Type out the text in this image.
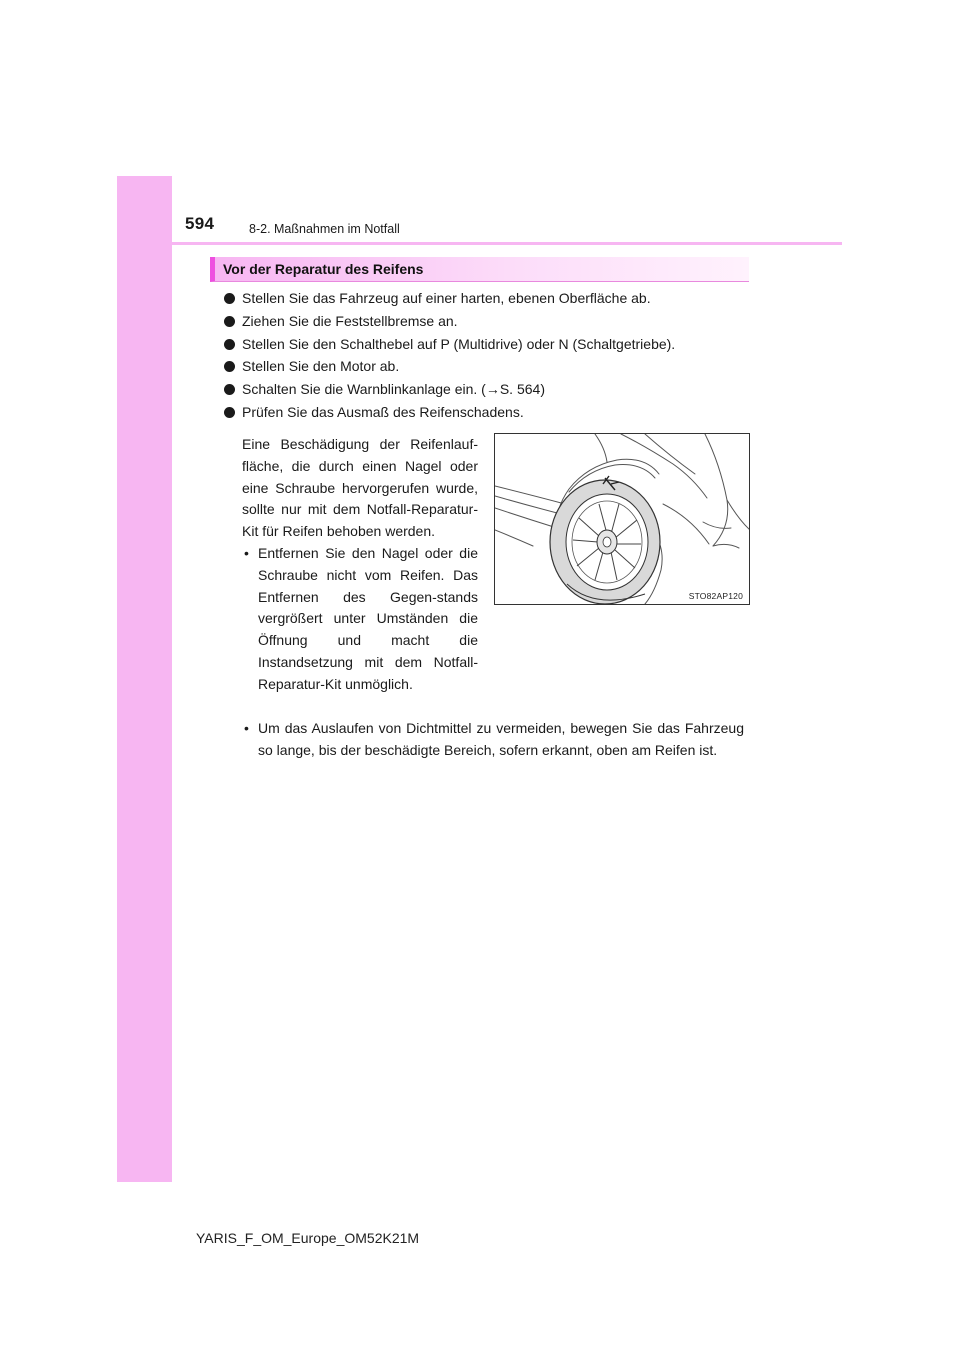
594	8-2. Maßnahmen im Notfall
Vor der Reparatur des Reifens
Stellen Sie das Fahrzeug auf einer harten, ebenen Oberfläche ab.
Ziehen Sie die Feststellbremse an.
Stellen Sie den Schalthebel auf P (Multidrive) oder N (Schaltgetriebe).
Stellen Sie den Motor ab.
Schalten Sie die Warnblinkanlage ein. (→S. 564)
Prüfen Sie das Ausmaß des Reifenschadens.

Eine Beschädigung der Reifenlauf-fläche, die durch einen Nagel oder eine Schraube hervorgerufen wurde, sollte nur mit dem Notfall-Reparatur-Kit für Reifen behoben werden.

• Entfernen Sie den Nagel oder die Schraube nicht vom Reifen. Das Entfernen des Gegen-stands vergrößert unter Umständen die Öffnung und macht die Instandsetzung mit dem Notfall-Reparatur-Kit unmöglich.

• Um das Auslaufen von Dichtmittel zu vermeiden, bewegen Sie das Fahrzeug so lange, bis der beschädigte Bereich, sofern erkannt, oben am Reifen ist.

STO82AP120
YARIS_F_OM_Europe_OM52K21M
